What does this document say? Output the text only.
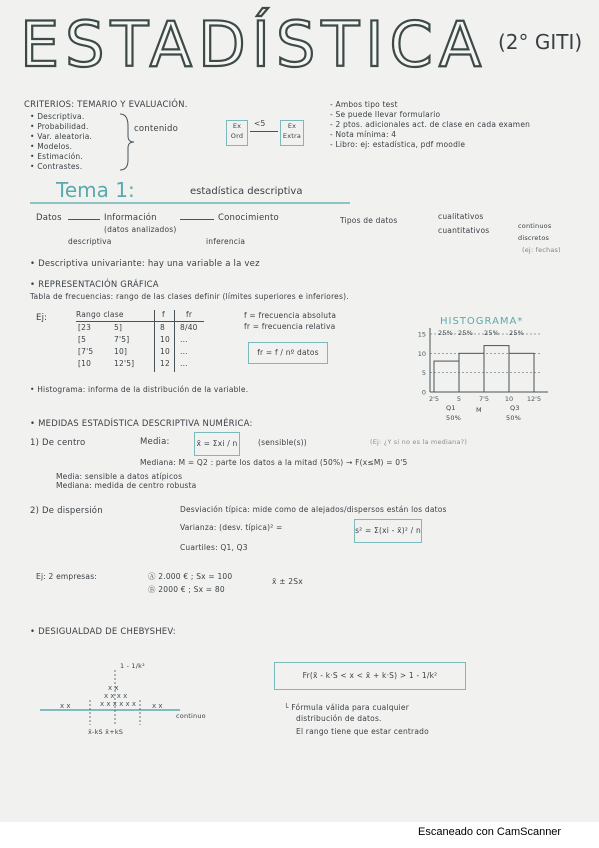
ESTADÍSTICA (2° GITI)
CRITERIOS: TEMARIO Y EVALUACIÓN.
• Descriptiva.
• Probabilidad.
• Var. aleatoria.
• Modelos.
• Estimación.
• Contrastes.
contenido	Ex Ord
<5	Ex Extra
- Ambos tipo test
- Se puede llevar formulario
- 2 ptos. adicionales act. de clase en cada examen
- Nota mínima: 4
- Libro: ej: estadística, pdf moodle
Tema 1:	estadística descriptiva
Datos	Información
(datos analizados)
Conocimiento
descriptiva	inferencia
Tipos de datos	cualitativos
cuantitativos	continuos
discretos
(ej: fechas)
• Descriptiva univariante: hay una variable a la vez
• REPRESENTACIÓN GRÁFICA
Tabla de frecuencias: rango de las clases definir (límites superiores e inferiores).
Ej:	Rango clase	f	fr
[23	5]	8 8/40
[5	7'5]	10 ...
[7'5	10]	10 ...
[10	12'5]	12 ...
f = frecuencia absoluta
fr = frecuencia relativa
fr = f / nº datos
• Histograma: informa de la distribución de la variable.
HISTOGRAMA*
0
5
10
15
2'5	5	7'5 10 12'5
25% 25% 25% 25%
Q1	M	Q3
50%	50%
• MEDIDAS ESTADÍSTICA DESCRIPTIVA NUMÉRICA:
1) De centro	Media:	x̄ = Σxi / n	(sensible(s))	(Ej: ¿Y si no es la mediana?)
Mediana: M = Q2 : parte los datos a la mitad (50%) → F(x≤M) = 0'5
Media: sensible a datos atípicos
Mediana: medida de centro robusta
2) De dispersión	Desviación típica: mide como de alejados/dispersos están los datos
Varianza: (desv. típica)² =	s² = Σ(xi - x̄)² / n
Cuartiles: Q1, Q3
Ej: 2 empresas:	Ⓐ 2.000 € ; Sx = 100
Ⓑ 2000 € ; Sx = 80
x̄ ± 2Sx
• DESIGUALDAD DE CHEBYSHEV:
1 - 1/k²
x x x x x x
x x x x
x x
x x	x x
continuo
x̄-kS x̄+kS
Fr(x̄ - k·S < x < x̄ + k·S) > 1 - 1/k²
└ Fórmula válida para cualquier
distribución de datos.
El rango tiene que estar centrado
Escaneado con CamScanner
